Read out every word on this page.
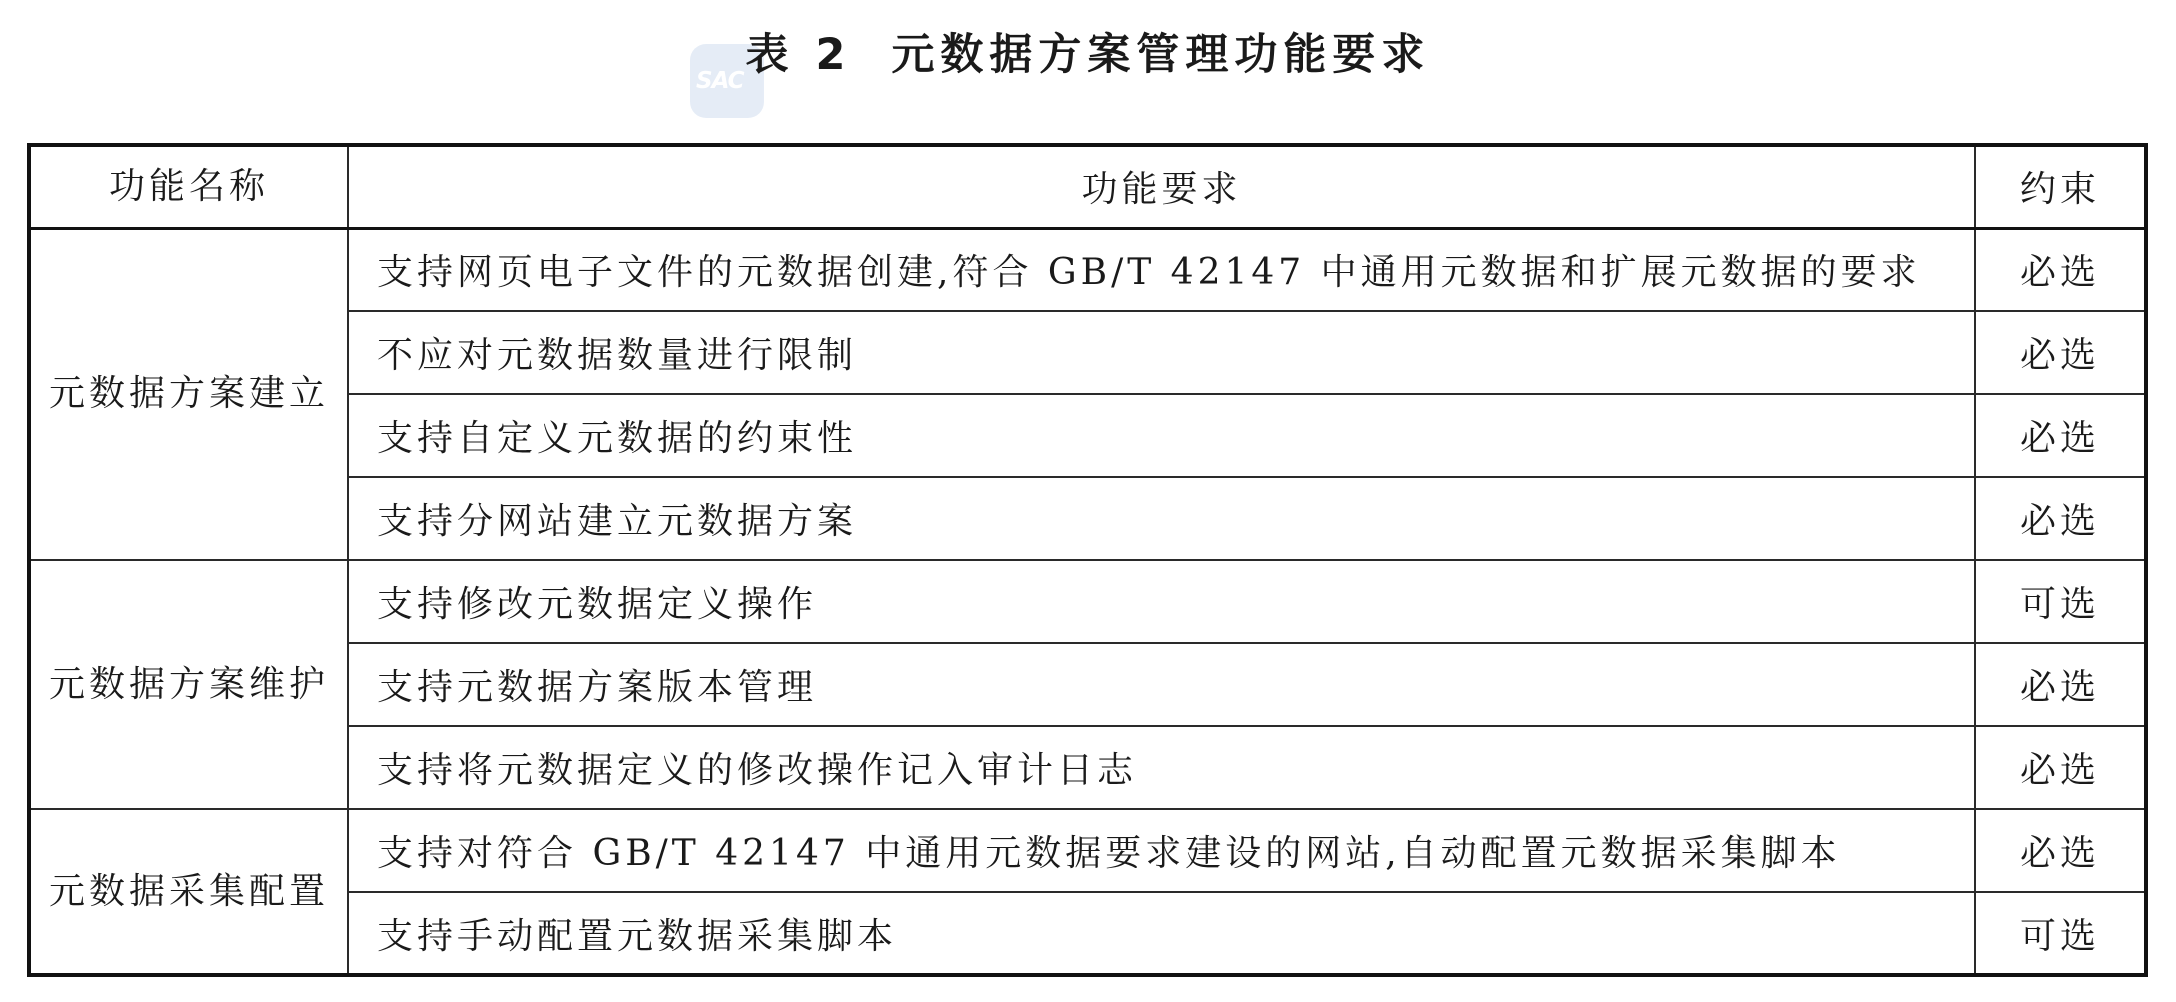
SAC
表 2 元数据方案管理功能要求
功能名称	功能要求	约束
元数据方案建立	支持网页电子文件的元数据创建,符合 GB/T 42147 中通用元数据和扩展元数据的要求	必选
	不应对元数据数量进行限制	必选
	支持自定义元数据的约束性	必选
	支持分网站建立元数据方案	必选
元数据方案维护	支持修改元数据定义操作	可选
	支持元数据方案版本管理	必选
	支持将元数据定义的修改操作记入审计日志	必选
元数据采集配置	支持对符合 GB/T 42147 中通用元数据要求建设的网站,自动配置元数据采集脚本	必选
	支持手动配置元数据采集脚本	可选
